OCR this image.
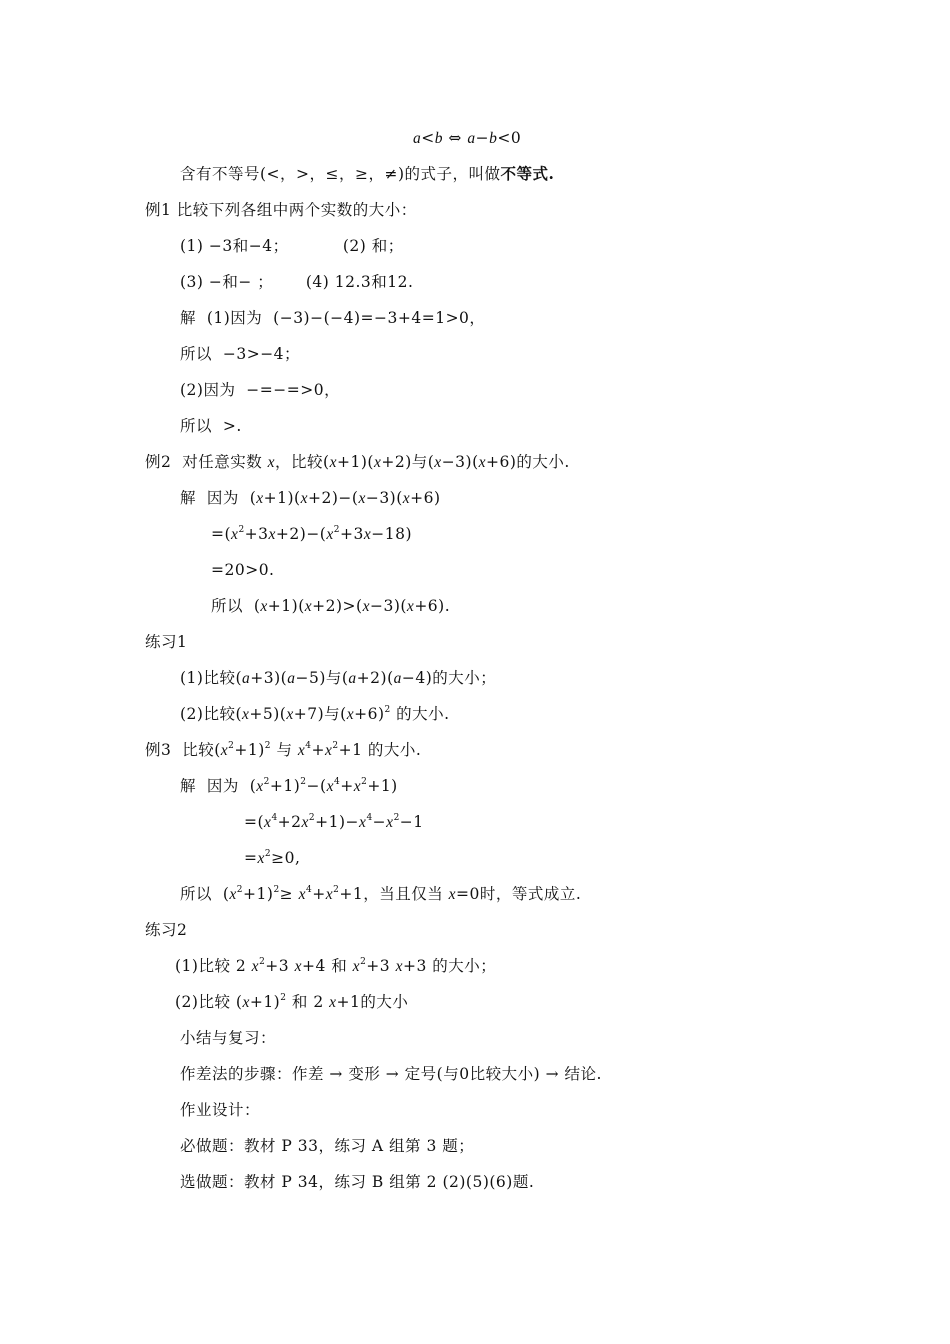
a<b ⇔ a−b<0
含有不等号(<，>，≤，≥，≠)的式子，叫做不等式.
例1 比较下列各组中两个实数的大小：
(1) −3和−4；          (2) 和；
(3) −和− ；      (4) 12.3和12.
解  (1)因为  (−3)−(−4)=−3+4=1>0，
所以  −3>−4；
(2)因为  −=−=>0，
所以  >.
例2  对任意实数 x，比较(x+1)(x+2)与(x−3)(x+6)的大小.
解  因为  (x+1)(x+2)−(x−3)(x+6)
$=(x^2+3x+2)-(x^2+3x-18)$
=20>0.
所以  (x+1)(x+2)>(x−3)(x+6).
练习1
(1)比较(a+3)(a−5)与(a+2)(a−4)的大小；
(2)比较(x+5)(x+7)与$(x+6)^2$ 的大小.
例3  比较$(x^2+1)^2$ 与 $x^4+x^2+1$ 的大小.
解  因为  $(x^2+1)^2-(x^4+x^2+1)$
$=(x^4+2x^2+1)-x^4-x^2-1$
$=x^2\ge 0$,
所以  $(x^2+1)^2\ge x^4+x^2+1$，当且仅当 x=0时，等式成立.
练习2
(1)比较 2 $x^2+3$ x+4 和 $x^2+3$ x+3 的大小；
(2)比较 $(x+1)^2$ 和 2 x+1的大小
小结与复习：
作差法的步骤：作差 → 变形 → 定号(与0比较大小) → 结论.
作业设计：
必做题：教材 P 33，练习 A 组第 3 题；
选做题：教材 P 34，练习 B 组第 2 (2)(5)(6)题.
